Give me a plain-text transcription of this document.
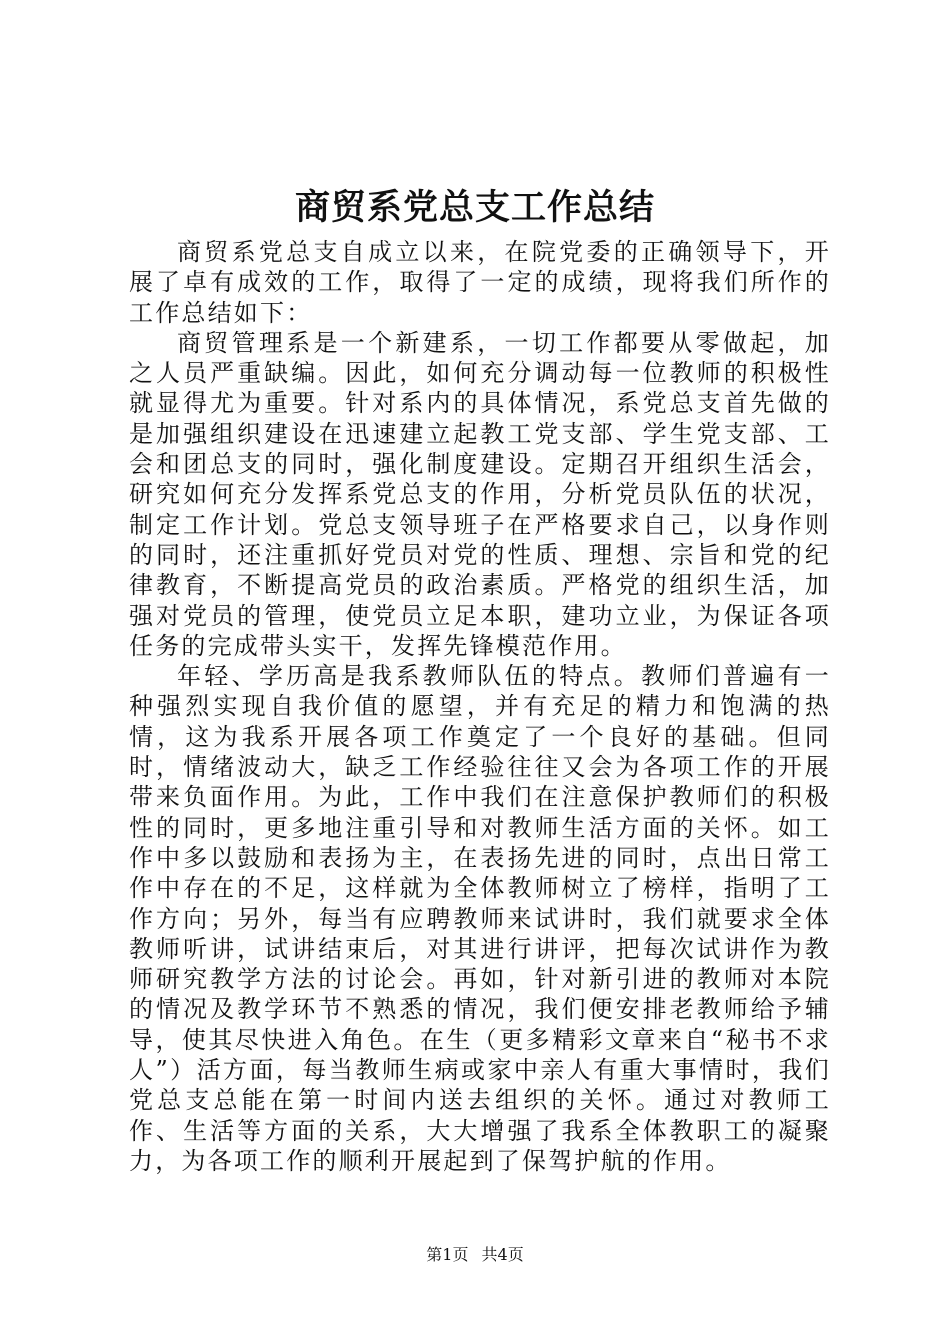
商贸系党总支工作总结

商贸系党总支自成立以来，在院党委的正确领导下，开展了卓有成效的工作，取得了一定的成绩，现将我们所作的工作总结如下：

商贸管理系是一个新建系，一切工作都要从零做起，加之人员严重缺编。因此，如何充分调动每一位教师的积极性就显得尤为重要。针对系内的具体情况，系党总支首先做的是加强组织建设在迅速建立起教工党支部、学生党支部、工会和团总支的同时，强化制度建设。定期召开组织生活会，研究如何充分发挥系党总支的作用，分析党员队伍的状况，制定工作计划。党总支领导班子在严格要求自己，以身作则的同时，还注重抓好党员对党的性质、理想、宗旨和党的纪律教育，不断提高党员的政治素质。严格党的组织生活，加强对党员的管理，使党员立足本职，建功立业，为保证各项任务的完成带头实干，发挥先锋模范作用。

年轻、学历高是我系教师队伍的特点。教师们普遍有一种强烈实现自我价值的愿望，并有充足的精力和饱满的热情，这为我系开展各项工作奠定了一个良好的基础。但同时，情绪波动大，缺乏工作经验往往又会为各项工作的开展带来负面作用。为此，工作中我们在注意保护教师们的积极性的同时，更多地注重引导和对教师生活方面的关怀。如工作中多以鼓励和表扬为主，在表扬先进的同时，点出日常工作中存在的不足，这样就为全体教师树立了榜样，指明了工作方向；另外，每当有应聘教师来试讲时，我们就要求全体教师听讲，试讲结束后，对其进行讲评，把每次试讲作为教师研究教学方法的讨论会。再如，针对新引进的教师对本院的情况及教学环节不熟悉的情况，我们便安排老教师给予辅导，使其尽快进入角色。在生（更多精彩文章来自“秘书不求人”）活方面，每当教师生病或家中亲人有重大事情时，我们党总支总能在第一时间内送去组织的关怀。通过对教师工作、生活等方面的关系，大大增强了我系全体教职工的凝聚力，为各项工作的顺利开展起到了保驾护航的作用。

第1页 共4页
